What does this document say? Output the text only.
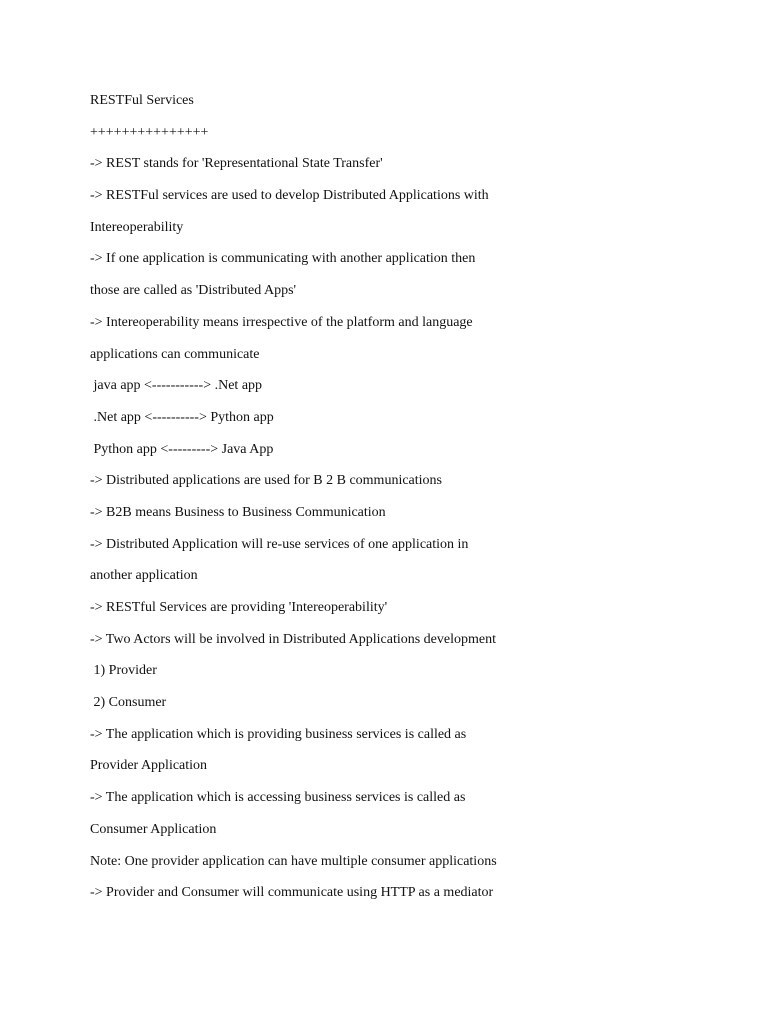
RESTFul Services
+++++++++++++++
-> REST stands for 'Representational State Transfer'
-> RESTFul services are used to develop Distributed Applications with
Intereoperability
-> If one application is communicating with another application then
those are called as 'Distributed Apps'
-> Intereoperability means irrespective of the platform and language
applications can communicate
java app <-----------> .Net app
.Net app <----------> Python app
Python app <---------> Java App
-> Distributed applications are used for B 2 B communications
-> B2B means Business to Business Communication
-> Distributed Application will re-use services of one application in
another application
-> RESTful Services are providing 'Intereoperability'
-> Two Actors will be involved in Distributed Applications development
1) Provider
2) Consumer
-> The application which is providing business services is called as
Provider Application
-> The application which is accessing business services is called as
Consumer Application
Note: One provider application can have multiple consumer applications
-> Provider and Consumer will communicate using HTTP as a mediator
